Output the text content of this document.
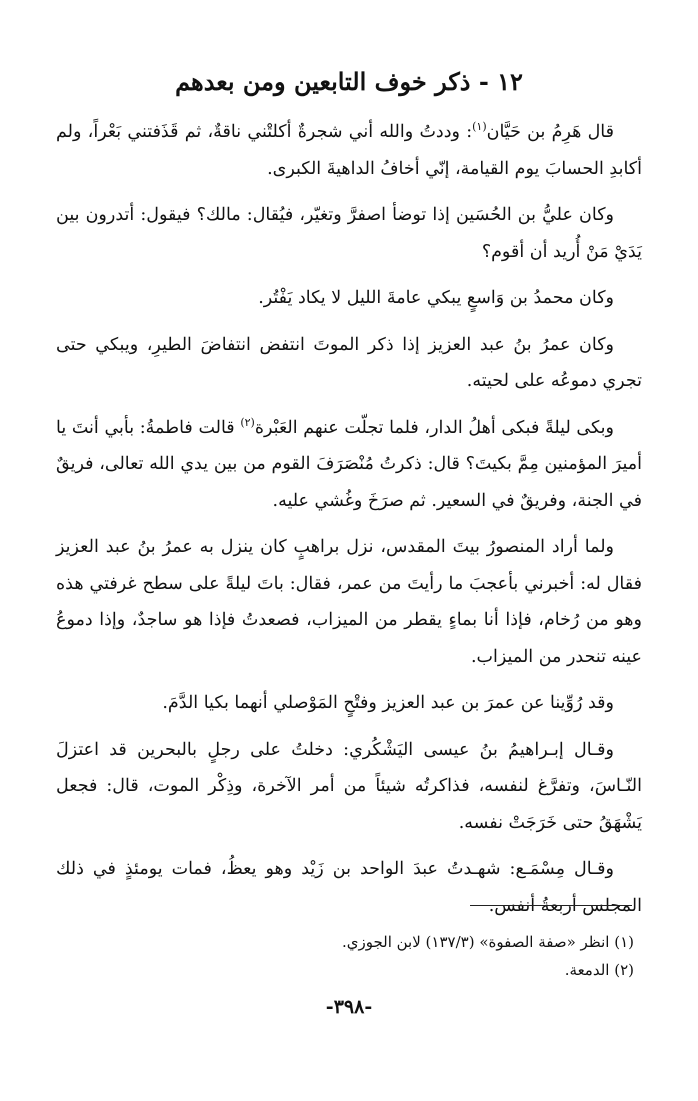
١٢ - ذكر خوف التابعين ومن بعدهم

قال هَرِمُ بن حَيَّان$^{(١)}$: وددتُ والله أني شجرةٌ أكلتْني ناقةٌ، ثم قَذَفتني بَعْراً، ولم أكابدِ الحسابَ يوم القيامة، إنّي أخافُ الداهيةَ الكبرى.

وكان عليُّ بن الحُسَين إذا توضأ اصفرَّ وتغيّر، فيُقال: مالك؟ فيقول: أتدرون بين يَدَيْ مَنْ أُريد أن أقوم؟

وكان محمدُ بن وَاسعٍ يبكي عامةَ الليل لا يكاد يَفْتُر.

وكان عمرُ بنُ عبد العزيز إذا ذكر الموتَ انتفض انتفاضَ الطيرِ، ويبكي حتى تجري دموعُه على لحيته.

وبكى ليلةً فبكى أهلُ الدار، فلما تجلّت عنهم العَبْرة$^{(٢)}$ قالت فاطمةُ: بأبي أنتَ يا أميرَ المؤمنين مِمَّ بكيتَ؟ قال: ذكرتُ مُنْصَرَفَ القوم من بين يدي الله تعالى، فريقٌ في الجنة، وفريقٌ في السعير. ثم صرَخَ وغُشي عليه.

ولما أراد المنصورُ بيتَ المقدس، نزل براهبٍ كان ينزل به عمرُ بنُ عبد العزيز فقال له: أخبرني بأعجبَ ما رأيتَ من عمر، فقال: باتَ ليلةً على سطح غرفتي هذه وهو من رُخام، فإذا أنا بماءٍ يقطر من الميزاب، فصعدتُ فإذا هو ساجدٌ، وإذا دموعُ عينه تنحدر من الميزاب.

وقد رُوِّينا عن عمرَ بن عبد العزيز وفتْحٍ المَوْصلي أنهما بكيا الدَّمَ.

وقـال إبـراهيمُ بنُ عيسى اليَشْكُري: دخلتُ على رجلٍ بالبحرين قد اعتزلَ النّـاسَ، وتفرَّغ لنفسه، فذاكرتُه شيئاً من أمر الآخرة، وذِكْر الموت، قال: فجعل يَشْهَقُ حتى خَرَجَتْ نفسه.

وقـال مِسْمَـع: شهـدتُ عبدَ الواحد بن زَيْد وهو يعظُ، فمات يومئذٍ في ذلك المجلس أربعةُ أنفس.

(١) انظر «صفة الصفوة» (١٣٧/٣) لابن الجوزي.

(٢) الدمعة.

-٣٩٨-
